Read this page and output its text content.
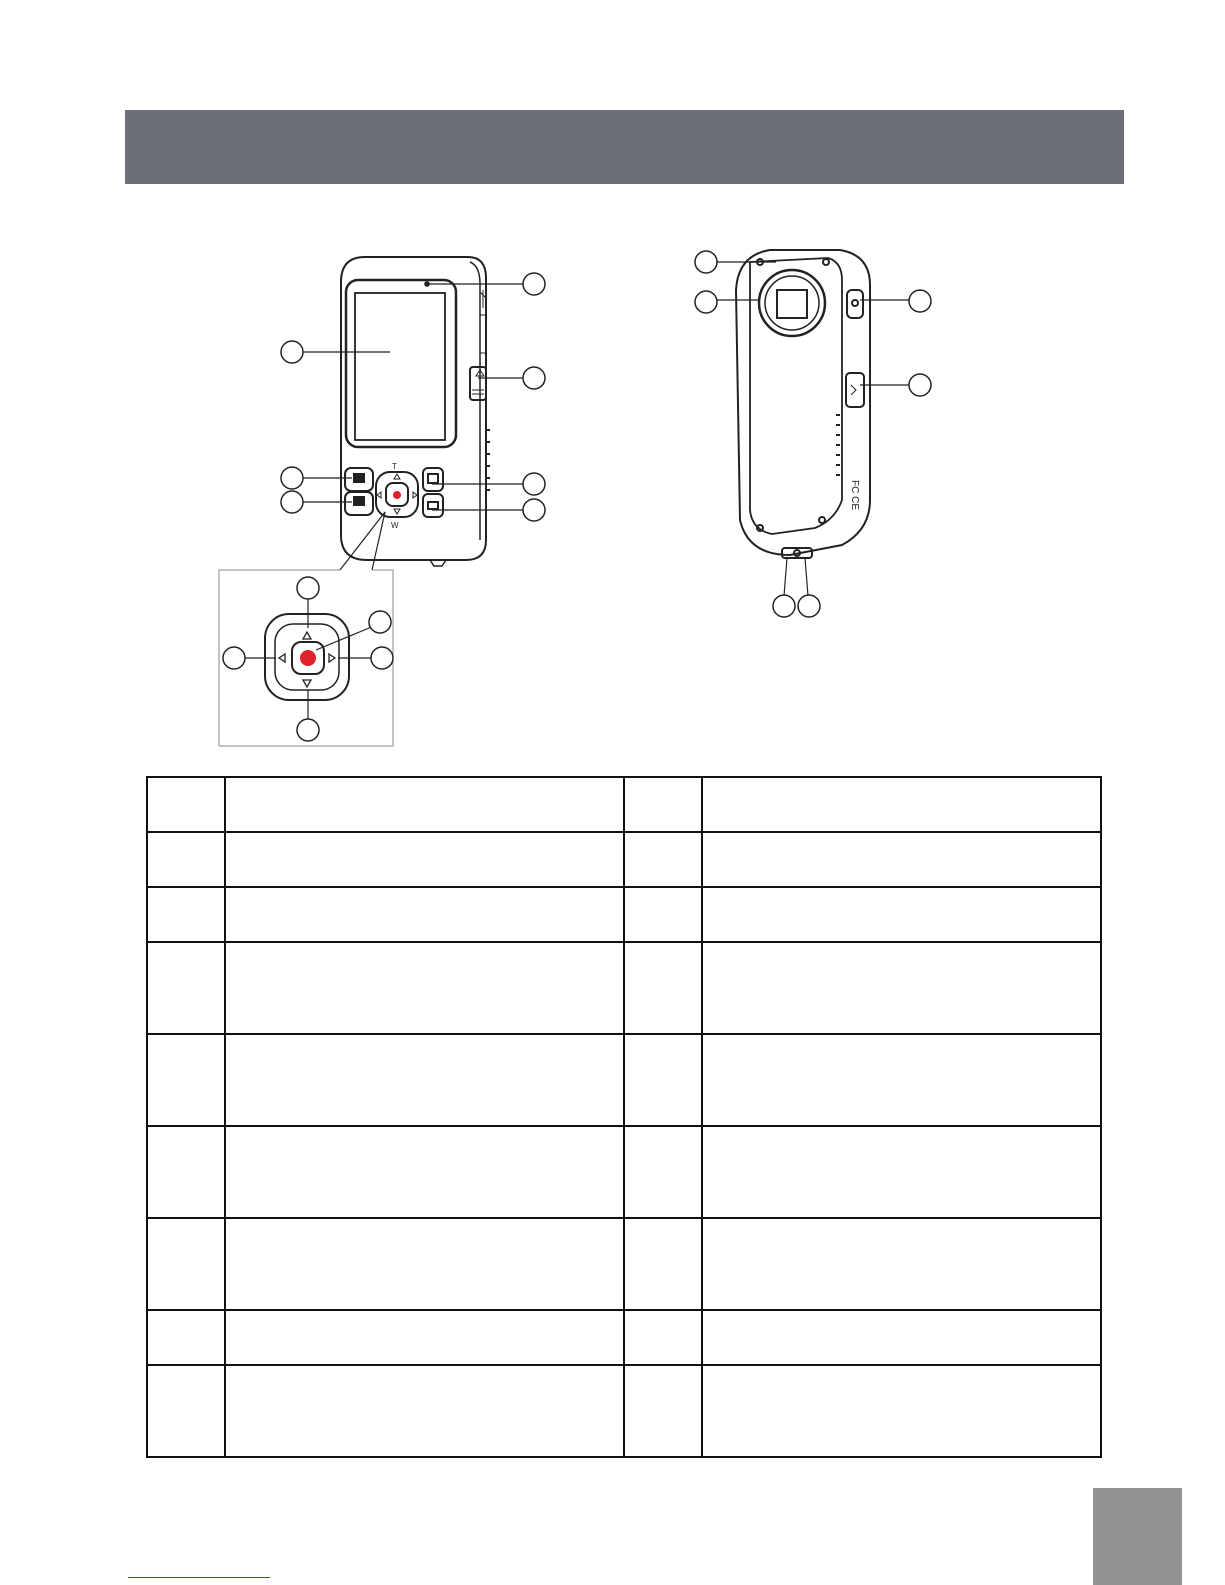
T
W
FC CE
